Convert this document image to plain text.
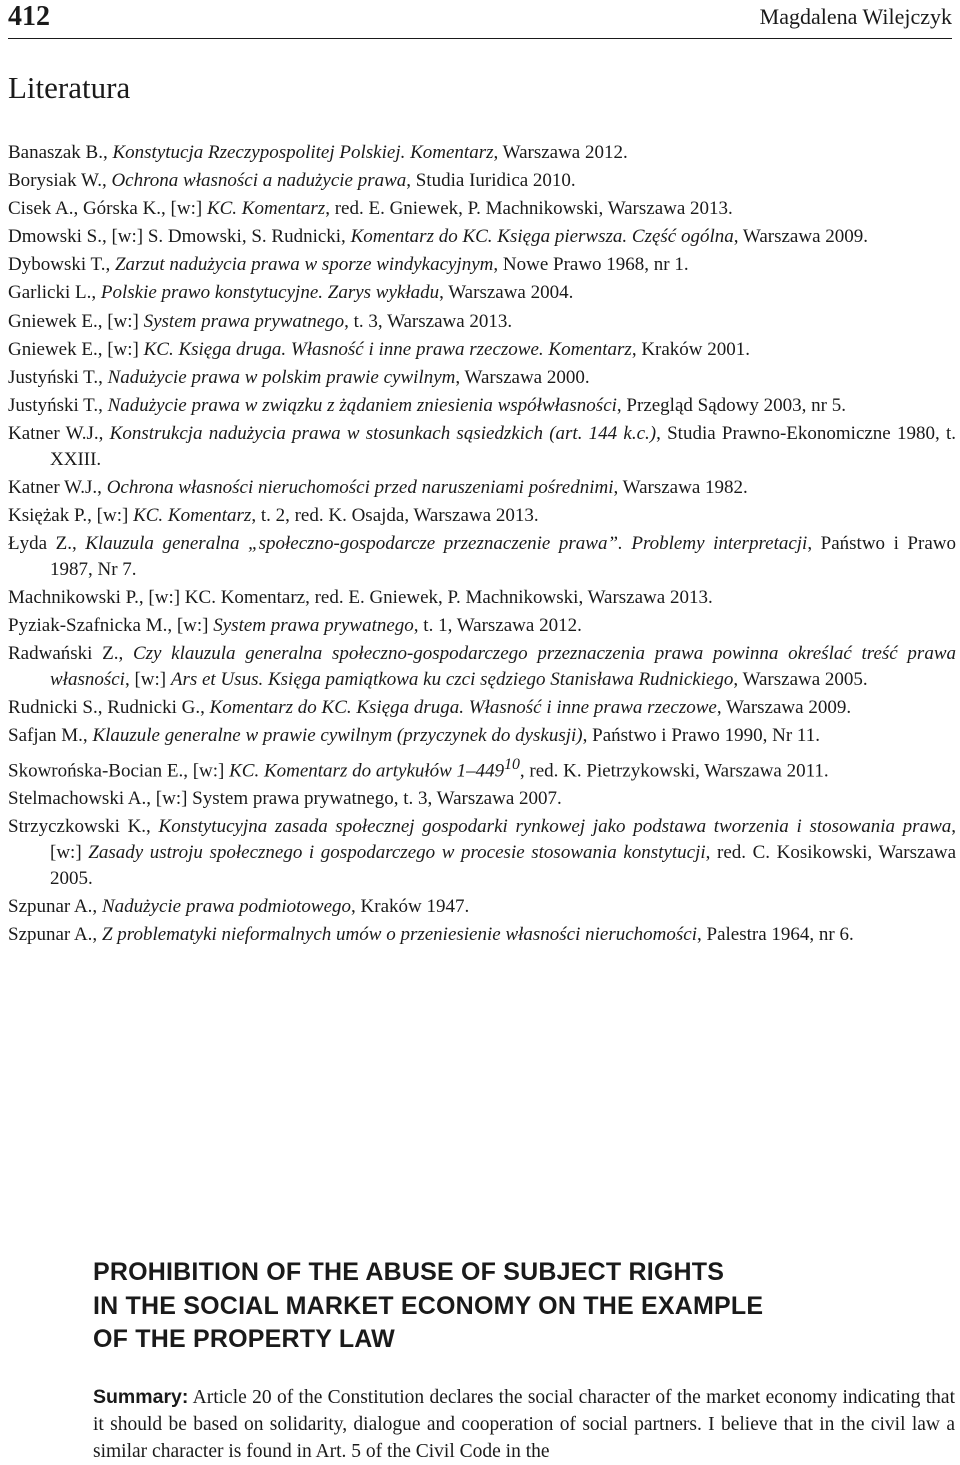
412	Magdalena Wilejczyk
Literatura
Banaszak B., Konstytucja Rzeczypospolitej Polskiej. Komentarz, Warszawa 2012.
Borysiak W., Ochrona własności a nadużycie prawa, Studia Iuridica 2010.
Cisek A., Górska K., [w:] KC. Komentarz, red. E. Gniewek, P. Machnikowski, Warszawa 2013.
Dmowski S., [w:] S. Dmowski, S. Rudnicki, Komentarz do KC. Księga pierwsza. Część ogólna, Warszawa 2009.
Dybowski T., Zarzut nadużycia prawa w sporze windykacyjnym, Nowe Prawo 1968, nr 1.
Garlicki L., Polskie prawo konstytucyjne. Zarys wykładu, Warszawa 2004.
Gniewek E., [w:] System prawa prywatnego, t. 3, Warszawa 2013.
Gniewek E., [w:] KC. Księga druga. Własność i inne prawa rzeczowe. Komentarz, Kraków 2001.
Justyński T., Nadużycie prawa w polskim prawie cywilnym, Warszawa 2000.
Justyński T., Nadużycie prawa w związku z żądaniem zniesienia współwłasności, Przegląd Sądowy 2003, nr 5.
Katner W.J., Konstrukcja nadużycia prawa w stosunkach sąsiedzkich (art. 144 k.c.), Studia Prawno-Ekonomiczne 1980, t. XXIII.
Katner W.J., Ochrona własności nieruchomości przed naruszeniami pośrednimi, Warszawa 1982.
Księżak P., [w:] KC. Komentarz, t. 2, red. K. Osajda, Warszawa 2013.
Łyda Z., Klauzula generalna „społeczno-gospodarcze przeznaczenie prawa”. Problemy interpretacji, Państwo i Prawo 1987, Nr 7.
Machnikowski P., [w:] KC. Komentarz, red. E. Gniewek, P. Machnikowski, Warszawa 2013.
Pyziak-Szafnicka M., [w:] System prawa prywatnego, t. 1, Warszawa 2012.
Radwański Z., Czy klauzula generalna społeczno-gospodarczego przeznaczenia prawa powinna określać treść prawa własności, [w:] Ars et Usus. Księga pamiątkowa ku czci sędziego Stanisława Rudnickiego, Warszawa 2005.
Rudnicki S., Rudnicki G., Komentarz do KC. Księga druga. Własność i inne prawa rzeczowe, Warszawa 2009.
Safjan M., Klauzule generalne w prawie cywilnym (przyczynek do dyskusji), Państwo i Prawo 1990, Nr 11.
Skowrońska-Bocian E., [w:] KC. Komentarz do artykułów $1-449^{10}$, red. K. Pietrzykowski, Warszawa 2011.
Stelmachowski A., [w:] System prawa prywatnego, t. 3, Warszawa 2007.
Strzyczkowski K., Konstytucyjna zasada społecznej gospodarki rynkowej jako podstawa tworzenia i stosowania prawa, [w:] Zasady ustroju społecznego i gospodarczego w procesie stosowania konstytucji, red. C. Kosikowski, Warszawa 2005.
Szpunar A., Nadużycie prawa podmiotowego, Kraków 1947.
Szpunar A., Z problematyki nieformalnych umów o przeniesienie własności nieruchomości, Palestra 1964, nr 6.
PROHIBITION OF THE ABUSE OF SUBJECT RIGHTS
IN THE SOCIAL MARKET ECONOMY ON THE EXAMPLE
OF THE PROPERTY LAW

Summary: Article 20 of the Constitution declares the social character of the market economy indicating that it should be based on solidarity, dialogue and cooperation of social partners. I believe that in the civil law a similar character is found in Art. 5 of the Civil Code in the
